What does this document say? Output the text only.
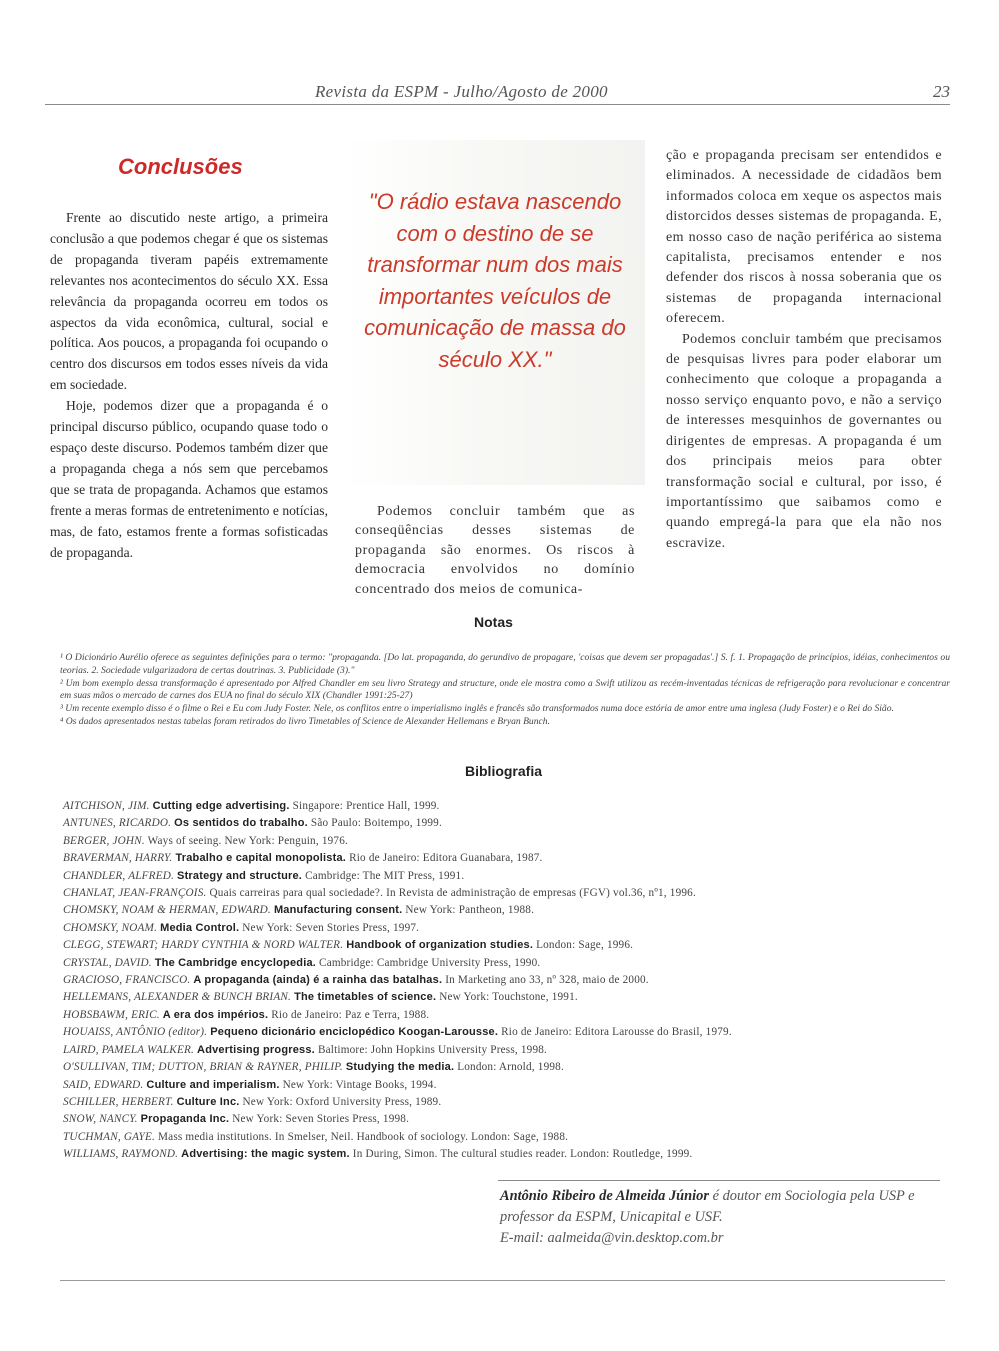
Revista da ESPM - Julho/Agosto de 2000	23
Conclusões

Frente ao discutido neste artigo, a primeira conclusão a que podemos chegar é que os sistemas de propaganda tiveram papéis extremamente relevantes nos acontecimentos do século XX. Essa relevância da propaganda ocorreu em todos os aspectos da vida econômica, cultural, social e política. Aos poucos, a propaganda foi ocupando o centro dos discursos em todos esses níveis da vida em sociedade.

Hoje, podemos dizer que a propaganda é o principal discurso público, ocupando quase todo o espaço deste discurso. Podemos também dizer que a propaganda chega a nós sem que percebamos que se trata de propaganda. Achamos que estamos frente a meras formas de entretenimento e notícias, mas, de fato, estamos frente a formas sofisticadas de propaganda.

"O rádio estava nascendo com o destino de se transformar num dos mais importantes veículos de comunicação de massa do século XX."

Podemos concluir também que as conseqüências desses sistemas de propaganda são enormes. Os riscos à democracia envolvidos no domínio concentrado dos meios de comunica-

ção e propaganda precisam ser entendidos e eliminados. A necessidade de cidadãos bem informados coloca em xeque os aspectos mais distorcidos desses sistemas de propaganda. E, em nosso caso de nação periférica ao sistema capitalista, precisamos entender e nos defender dos riscos à nossa soberania que os sistemas de propaganda internacional oferecem.

Podemos concluir também que precisamos de pesquisas livres para poder elaborar um conhecimento que coloque a propaganda a nosso serviço enquanto povo, e não a serviço de interesses mesquinhos de governantes ou dirigentes de empresas. A propaganda é um dos principais meios para obter transformação social e cultural, por isso, é importantíssimo que saibamos como e quando empregá-la para que ela não nos escravize.

Notas
¹ O Dicionário Aurélio oferece as seguintes definições para o termo: "propaganda. [Do lat. propaganda, do gerundivo de propagare, 'coisas que devem ser propagadas'.] S. f. 1. Propagação de princípios, idéias, conhecimentos ou teorias. 2. Sociedade vulgarizadora de certas doutrinas. 3. Publicidade (3)."
² Um bom exemplo dessa transformação é apresentado por Alfred Chandler em seu livro Strategy and structure, onde ele mostra como a Swift utilizou as recém-inventadas técnicas de refrigeração para revolucionar e concentrar em suas mãos o mercado de carnes dos EUA no final do século XIX (Chandler 1991:25-27)
³ Um recente exemplo disso é o filme o Rei e Eu com Judy Foster. Nele, os conflitos entre o imperialismo inglês e francês são transformados numa doce estória de amor entre uma inglesa (Judy Foster) e o Rei do Sião.
⁴ Os dados apresentados nestas tabelas foram retirados do livro Timetables of Science de Alexander Hellemans e Bryan Bunch.
Bibliografia
AITCHISON, JIM. Cutting edge advertising. Singapore: Prentice Hall, 1999.
ANTUNES, RICARDO. Os sentidos do trabalho. São Paulo: Boitempo, 1999.
BERGER, JOHN. Ways of seeing. New York: Penguin, 1976.
BRAVERMAN, HARRY. Trabalho e capital monopolista. Rio de Janeiro: Editora Guanabara, 1987.
CHANDLER, ALFRED. Strategy and structure. Cambridge: The MIT Press, 1991.
CHANLAT, JEAN-FRANÇOIS. Quais carreiras para qual sociedade?. In Revista de administração de empresas (FGV) vol.36, nº1, 1996.
CHOMSKY, NOAM & HERMAN, EDWARD. Manufacturing consent. New York: Pantheon, 1988.
CHOMSKY, NOAM. Media Control. New York: Seven Stories Press, 1997.
CLEGG, STEWART; HARDY CYNTHIA & NORD WALTER. Handbook of organization studies. London: Sage, 1996.
CRYSTAL, DAVID. The Cambridge encyclopedia. Cambridge: Cambridge University Press, 1990.
GRACIOSO, FRANCISCO. A propaganda (ainda) é a rainha das batalhas. In Marketing ano 33, nº 328, maio de 2000.
HELLEMANS, ALEXANDER & BUNCH BRIAN. The timetables of science. New York: Touchstone, 1991.
HOBSBAWM, ERIC. A era dos impérios. Rio de Janeiro: Paz e Terra, 1988.
HOUAISS, ANTÔNIO (editor). Pequeno dicionário enciclopédico Koogan-Larousse. Rio de Janeiro: Editora Larousse do Brasil, 1979.
LAIRD, PAMELA WALKER. Advertising progress. Baltimore: John Hopkins University Press, 1998.
O'SULLIVAN, TIM; DUTTON, BRIAN & RAYNER, PHILIP. Studying the media. London: Arnold, 1998.
SAID, EDWARD. Culture and imperialism. New York: Vintage Books, 1994.
SCHILLER, HERBERT. Culture Inc. New York: Oxford University Press, 1989.
SNOW, NANCY. Propaganda Inc. New York: Seven Stories Press, 1998.
TUCHMAN, GAYE. Mass media institutions. In Smelser, Neil. Handbook of sociology. London: Sage, 1988.
WILLIAMS, RAYMOND. Advertising: the magic system. In During, Simon. The cultural studies reader. London: Routledge, 1999.
Antônio Ribeiro de Almeida Júnior é doutor em Sociologia pela USP e professor da ESPM, Unicapital e USF.
E-mail: aalmeida@vin.desktop.com.br
